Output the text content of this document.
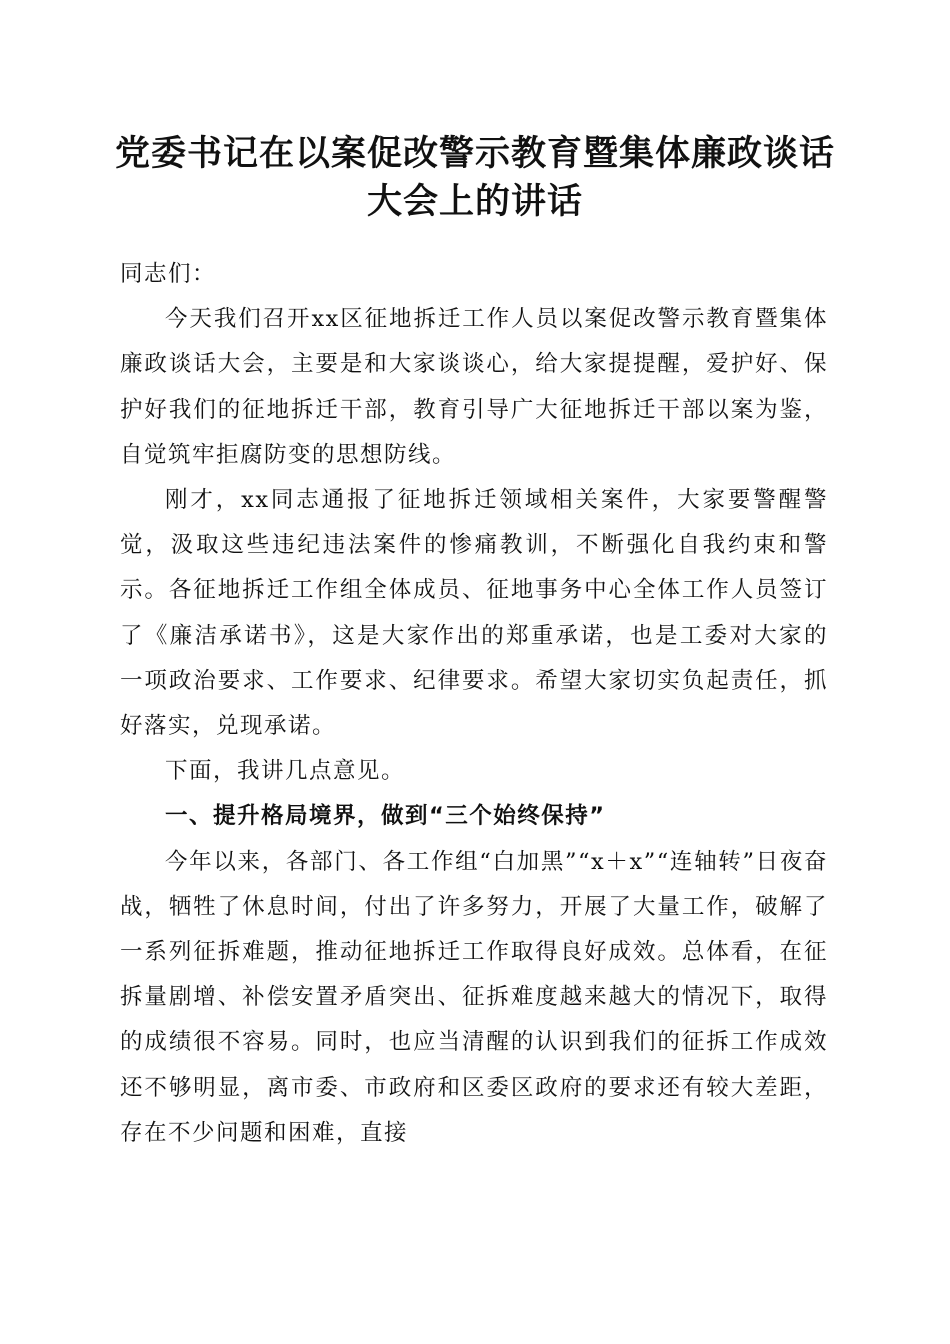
党委书记在以案促改警示教育暨集体廉政谈话
大会上的讲话

同志们：

今天我们召开xx区征地拆迁工作人员以案促改警示教育暨集体廉政谈话大会，主要是和大家谈谈心，给大家提提醒，爱护好、保护好我们的征地拆迁干部，教育引导广大征地拆迁干部以案为鉴，自觉筑牢拒腐防变的思想防线。

刚才，xx同志通报了征地拆迁领域相关案件，大家要警醒警觉，汲取这些违纪违法案件的惨痛教训，不断强化自我约束和警示。各征地拆迁工作组全体成员、征地事务中心全体工作人员签订了《廉洁承诺书》，这是大家作出的郑重承诺，也是工委对大家的一项政治要求、工作要求、纪律要求。希望大家切实负起责任，抓好落实，兑现承诺。

下面，我讲几点意见。

一、提升格局境界，做到“三个始终保持”

今年以来，各部门、各工作组“白加黑”“x＋x”“连轴转”日夜奋战，牺牲了休息时间，付出了许多努力，开展了大量工作，破解了一系列征拆难题，推动征地拆迁工作取得良好成效。总体看，在征拆量剧增、补偿安置矛盾突出、征拆难度越来越大的情况下，取得的成绩很不容易。同时，也应当清醒的认识到我们的征拆工作成效还不够明显，离市委、市政府和区委区政府的要求还有较大差距，存在不少问题和困难，直接
